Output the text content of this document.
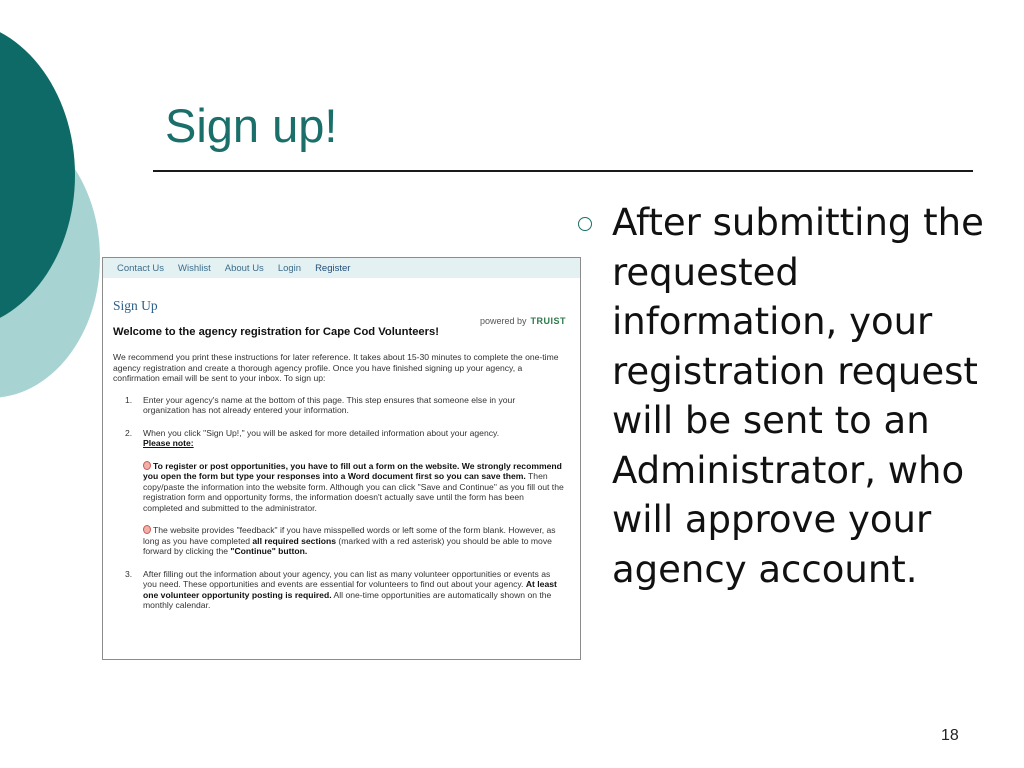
Sign up!
Contact Us Wishlist About Us Login Register
powered by TRUIST
Sign Up
Welcome to the agency registration for Cape Cod Volunteers!

We recommend you print these instructions for later reference. It takes about 15-30 minutes to complete the one-time agency registration and create a thorough agency profile. Once you have finished signing up your agency, a confirmation email will be sent to your inbox. To sign up:

1.	Enter your agency's name at the bottom of this page. This step ensures that someone else in your organization has not already entered your information.
2.	When you click "Sign Up!," you will be asked for more detailed information about your agency.
Please note:
To register or post opportunities, you have to fill out a form on the website. We strongly recommend you open the form but type your responses into a Word document first so you can save them. Then copy/paste the information into the website form. Although you can click "Save and Continue" as you fill out the registration form and opportunity forms, the information doesn't actually save until the form has been completed and submitted to the administrator.
The website provides "feedback" if you have misspelled words or left some of the form blank. However, as long as you have completed all required sections (marked with a red asterisk) you should be able to move forward by clicking the "Continue" button.
3.	After filling out the information about your agency, you can list as many volunteer opportunities or events as you need. These opportunities and events are essential for volunteers to find out about your agency. At least one volunteer opportunity posting is required. All one-time opportunities are automatically shown on the monthly calendar.

After submitting the requested information, your registration request will be sent to an Administrator, who will approve your agency account.

18
